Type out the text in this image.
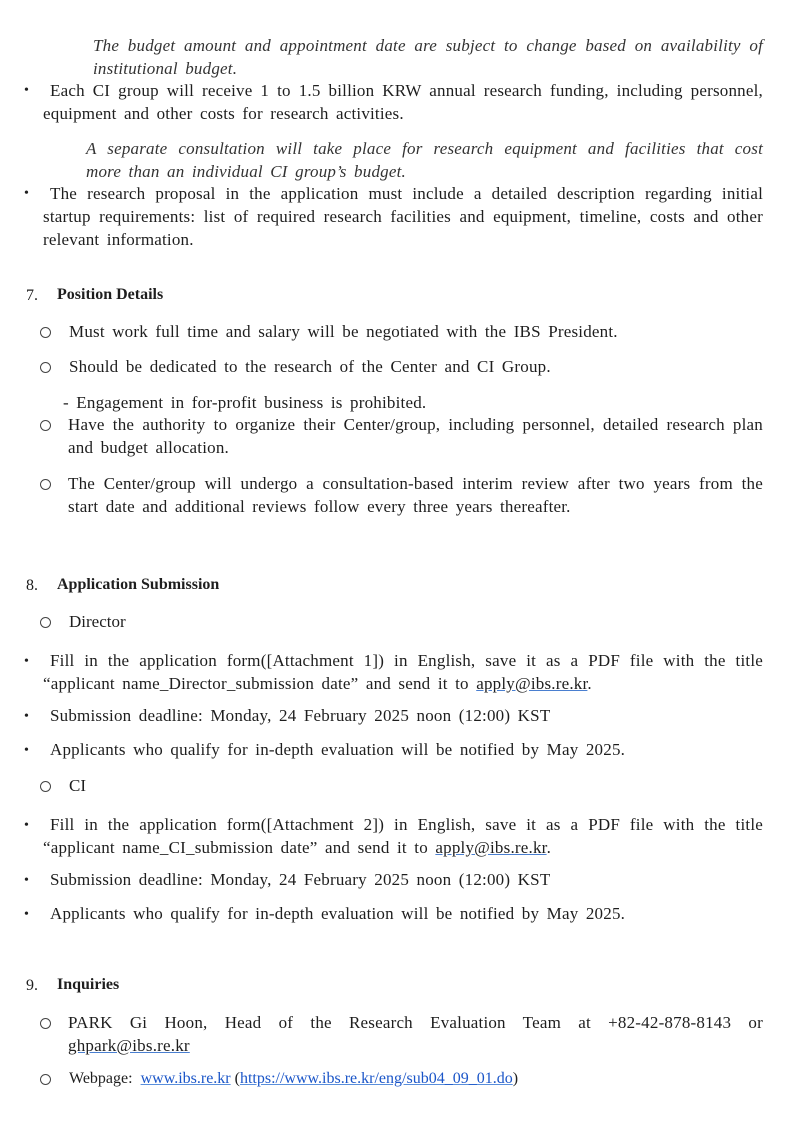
The budget amount and appointment date are subject to change based on availability of institutional budget.
•	Each CI group will receive 1 to 1.5 billion KRW annual research funding, including personnel, equipment and other costs for research activities.
A separate consultation will take place for research equipment and facilities that cost more than an individual CI group’s budget.
•	The research proposal in the application must include a detailed description regarding initial startup requirements: list of required research facilities and equipment, timeline, costs and other relevant information.
7. Position Details
Must work full time and salary will be negotiated with the IBS President.
Should be dedicated to the research of the Center and CI Group.
- Engagement in for-profit business is prohibited.
Have the authority to organize their Center/group, including personnel, detailed research plan and budget allocation.
The Center/group will undergo a consultation-based interim review after two years from the start date and additional reviews follow every three years thereafter.
8. Application Submission
Director
•	Fill in the application form([Attachment 1]) in English, save it as a PDF file with the title “applicant name_Director_submission date” and send it to apply@ibs.re.kr.
• Submission deadline: Monday, 24 February 2025 noon (12:00) KST
• Applicants who qualify for in-depth evaluation will be notified by May 2025.
CI
•	Fill in the application form([Attachment 2]) in English, save it as a PDF file with the title “applicant name_CI_submission date” and send it to apply@ibs.re.kr.
• Submission deadline: Monday, 24 February 2025 noon (12:00) KST
• Applicants who qualify for in-depth evaluation will be notified by May 2025.
9. Inquiries
PARK Gi Hoon, Head of the Research Evaluation Team at +82-42-878-8143 or ghpark@ibs.re.kr
Webpage: www.ibs.re.kr (https://www.ibs.re.kr/eng/sub04_09_01.do)
